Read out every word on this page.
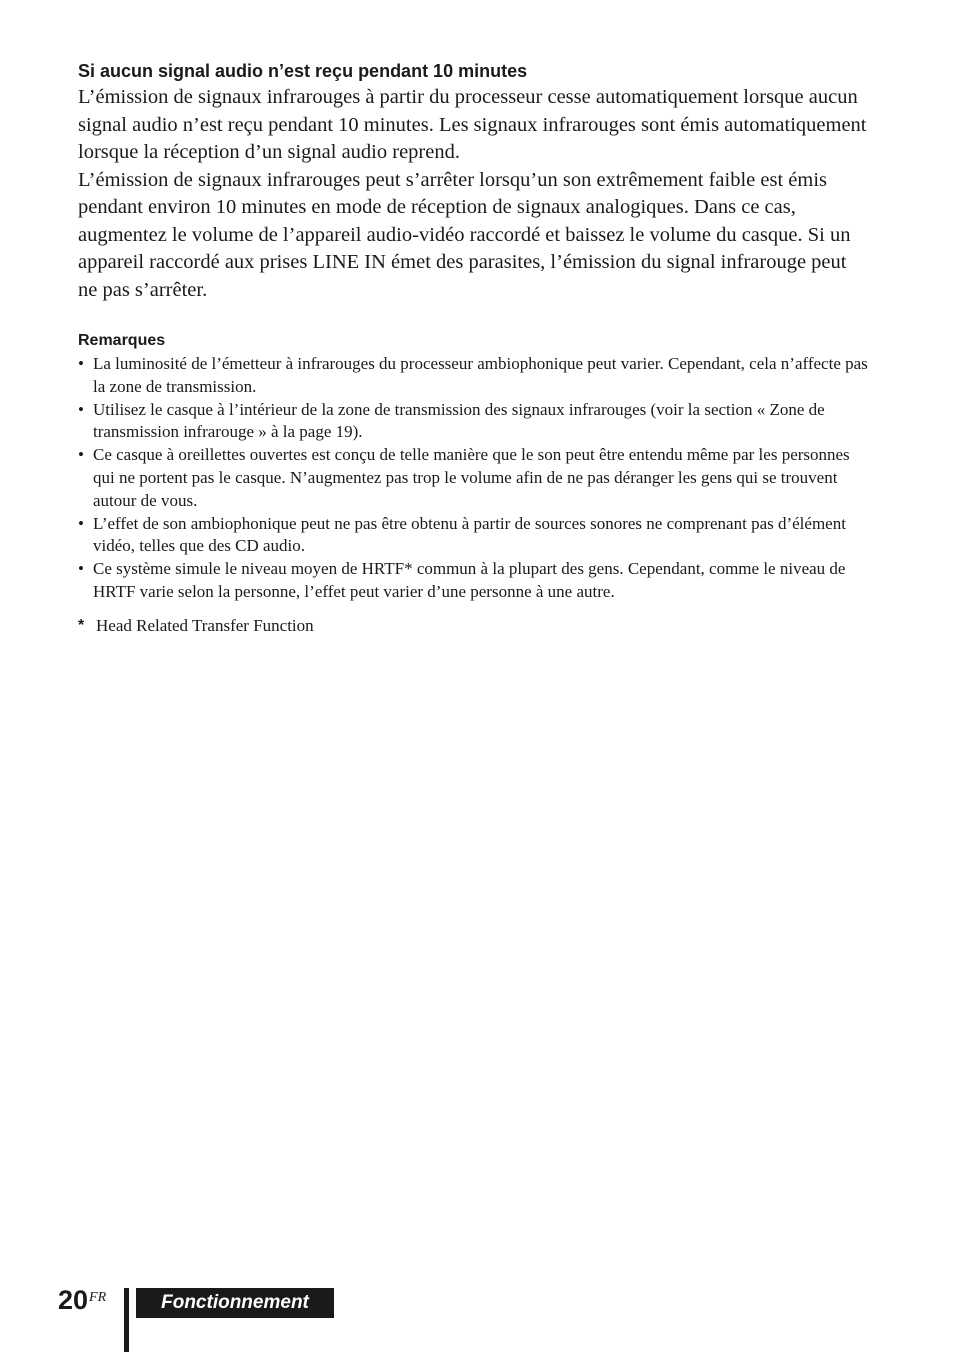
Si aucun signal audio n’est reçu pendant 10 minutes

L’émission de signaux infrarouges à partir du processeur cesse automatiquement lorsque aucun signal audio n’est reçu pendant 10 minutes. Les signaux infrarouges sont émis automatiquement lorsque la réception d’un signal audio reprend.

L’émission de signaux infrarouges peut s’arrêter lorsqu’un son extrêmement faible est émis pendant environ 10 minutes en mode de réception de signaux analogiques. Dans ce cas, augmentez le volume de l’appareil audio-vidéo raccordé et baissez le volume du casque. Si un appareil raccordé aux prises LINE IN émet des parasites, l’émission du signal infrarouge peut ne pas s’arrêter.

Remarques
• La luminosité de l’émetteur à infrarouges du processeur ambiophonique peut varier. Cependant, cela n’affecte pas la zone de transmission.
• Utilisez le casque à l’intérieur de la zone de transmission des signaux infrarouges (voir la section « Zone de transmission infrarouge » à la page 19).
• Ce casque à oreillettes ouvertes est conçu de telle manière que le son peut être entendu même par les personnes qui ne portent pas le casque. N’augmentez pas trop le volume afin de ne pas déranger les gens qui se trouvent autour de vous.
• L’effet de son ambiophonique peut ne pas être obtenu à partir de sources sonores ne comprenant pas d’élément vidéo, telles que des CD audio.
• Ce système simule le niveau moyen de HRTF* commun à la plupart des gens. Cependant, comme le niveau de HRTF varie selon la personne, l’effet peut varier d’une personne à une autre.
* Head Related Transfer Function
$20^{FR}$	Fonctionnement
